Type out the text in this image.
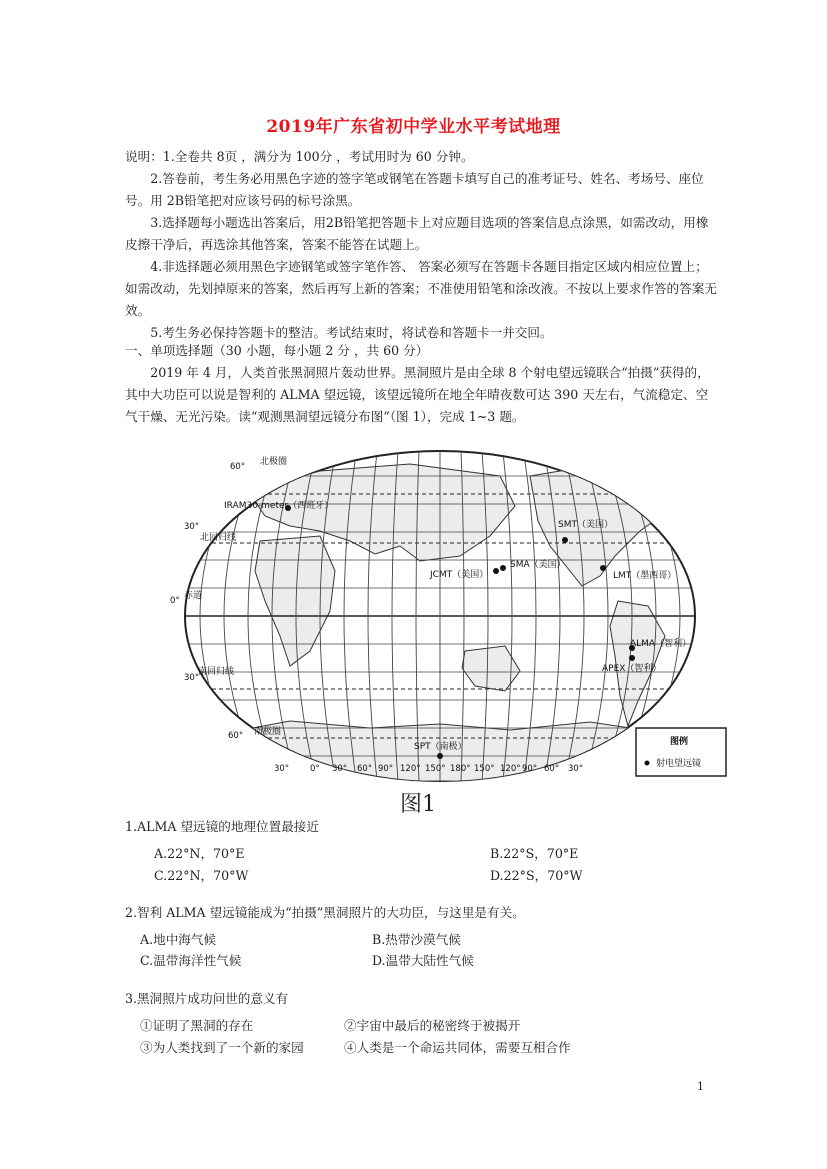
2019年广东省初中学业水平考试地理

说明：1.全卷共 8页 ，满分为 100分 ，考试用时为 60 分钟。

2.答卷前，考生务必用黑色字迹的签字笔或钢笔在答题卡填写自己的准考证号、姓名、考场号、座位号。用 2B铅笔把对应该号码的标号涂黑。

3.选择题每小题选出答案后，用2B铅笔把答题卡上对应题目选项的答案信息点涂黑，如需改动，用橡皮擦干净后，再选涂其他答案，答案不能答在试题上。

4.非选择题必须用黑色字迹钢笔或签字笔作答、 答案必须写在答题卡各题目指定区域内相应位置上；如需改动，先划掉原来的答案，然后再写上新的答案；不准使用铅笔和涂改液。不按以上要求作答的答案无效。

5.考生务必保持答题卡的整洁。考试结束时，将试卷和答题卡一并交回。

一、单项选择题（30 小题，每小题 2 分 ，共 60 分）

2019 年 4 月，人类首张黑洞照片轰动世界。黑洞照片是由全球 8 个射电望远镜联合“拍摄”获得的，其中大功臣可以说是智利的 ALMA 望远镜，该望远镜所在地全年晴夜数可达 390 天左右，气流稳定、空气干燥、无光污染。读“观测黑洞望远镜分布图”（图 1），完成 1~3 题。

60°
30°
0°
30°
60°
北回归线
赤道
南回归线
北极圈
南极圈
IRAM30-meter（西班牙）
SMT（美国）
JCMT（美国）
SMA（美国）
LMT（墨西哥）
ALMA（智利）
APEX（智利）
SPT（南极）
30° 0° 30° 60° 90° 120° 150° 180° 150° 120° 90° 60° 30°
图例
射电望远镜
图1
1.ALMA 望远镜的地理位置最接近
A.22°N，70°E	B.22°S，70°E
C.22°N，70°W	D.22°S，70°W
2.智利 ALMA 望远镜能成为“拍摄”黑洞照片的大功臣，与这里是有关。
A.地中海气候	B.热带沙漠气候
C.温带海洋性气候	D.温带大陆性气候
3.黑洞照片成功问世的意义有
①证明了黑洞的存在	②宇宙中最后的秘密终于被揭开
③为人类找到了一个新的家园	④人类是一个命运共同体，需要互相合作
1
